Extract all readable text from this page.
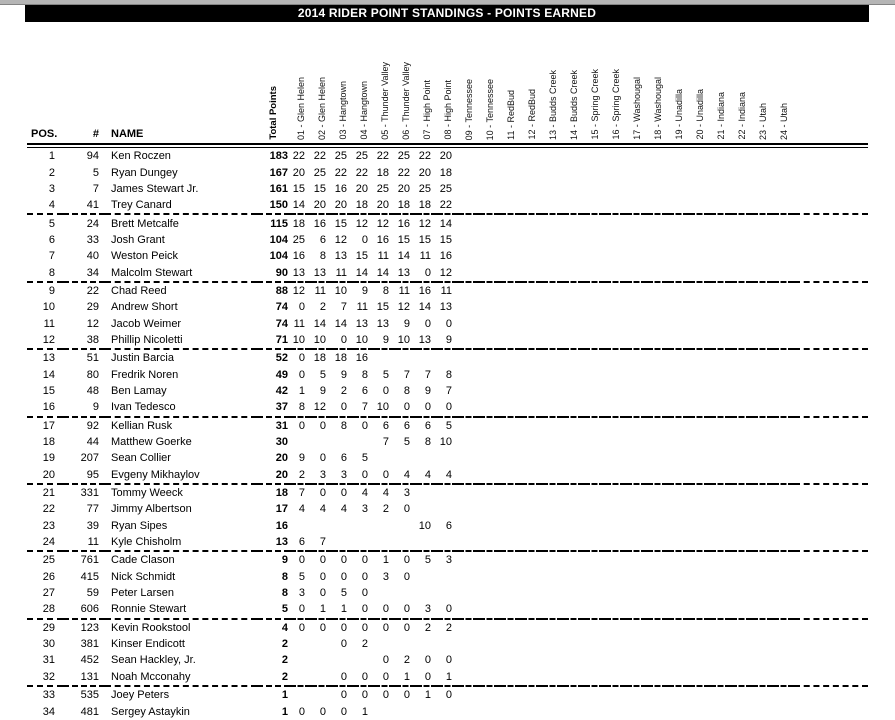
2014 RIDER POINT STANDINGS - POINTS EARNED
POS.	#	NAME	Total Points	01 - Glen Helen	02 - Glen Helen	03 - Hangtown	04 - Hangtown	05 - Thunder Valley	06 - Thunder Valley	07 - High Point	08 - High Point	09 - Tennessee	10 - Tennessee	11 - RedBud	12 - RedBud	13 - Budds Creek	14 - Budds Creek	15 - Spring Creek	16 - Spring Creek	17 - Washougal	18 - Washougal	19 - Unadilla	20 - Unadilla	21 - Indiana	22 - Indiana	23 - Utah	24 - Utah	

1	94	Ken Roczen	183	22	22	25	25	22	25	22	20																	
2	5	Ryan Dungey	167	20	25	22	22	18	22	20	18																	
3	7	James Stewart Jr.	161	15	15	16	20	25	20	25	25																	
4	41	Trey Canard	150	14	20	20	18	20	18	18	22																	
5	24	Brett Metcalfe	115	18	16	15	12	12	16	12	14																	
6	33	Josh Grant	104	25	6	12	0	16	15	15	15																	
7	40	Weston Peick	104	16	8	13	15	11	14	11	16																	
8	34	Malcolm Stewart	90	13	13	11	14	14	13	0	12																	
9	22	Chad Reed	88	12	11	10	9	8	11	16	11																	
10	29	Andrew Short	74	0	2	7	11	15	12	14	13																	
11	12	Jacob Weimer	74	11	14	14	13	13	9	0	0																	
12	38	Phillip Nicoletti	71	10	10	0	10	9	10	13	9																	
13	51	Justin Barcia	52	0	18	18	16																					
14	80	Fredrik Noren	49	0	5	9	8	5	7	7	8																	
15	48	Ben Lamay	42	1	9	2	6	0	8	9	7																	
16	9	Ivan Tedesco	37	8	12	0	7	10	0	0	0																	
17	92	Kellian Rusk	31	0	0	8	0	6	6	6	5																	
18	44	Matthew Goerke	30					7	5	8	10																	
19	207	Sean Collier	20	9	0	6	5																					
20	95	Evgeny Mikhaylov	20	2	3	3	0	0	4	4	4																	
21	331	Tommy Weeck	18	7	0	0	4	4	3																			
22	77	Jimmy Albertson	17	4	4	4	3	2	0																			
23	39	Ryan Sipes	16							10	6																	
24	11	Kyle Chisholm	13	6	7																							
25	761	Cade Clason	9	0	0	0	0	1	0	5	3																	
26	415	Nick Schmidt	8	5	0	0	0	3	0																			
27	59	Peter Larsen	8	3	0	5	0																					
28	606	Ronnie Stewart	5	0	1	1	0	0	0	3	0																	
29	123	Kevin Rookstool	4	0	0	0	0	0	0	2	2																	
30	381	Kinser Endicott	2			0	2																					
31	452	Sean Hackley, Jr.	2					0	2	0	0																	
32	131	Noah Mcconahy	2			0	0	0	1	0	1																	
33	535	Joey Peters	1			0	0	0	0	1	0																	
34	481	Sergey Astaykin	1	0	0	0	1																					
